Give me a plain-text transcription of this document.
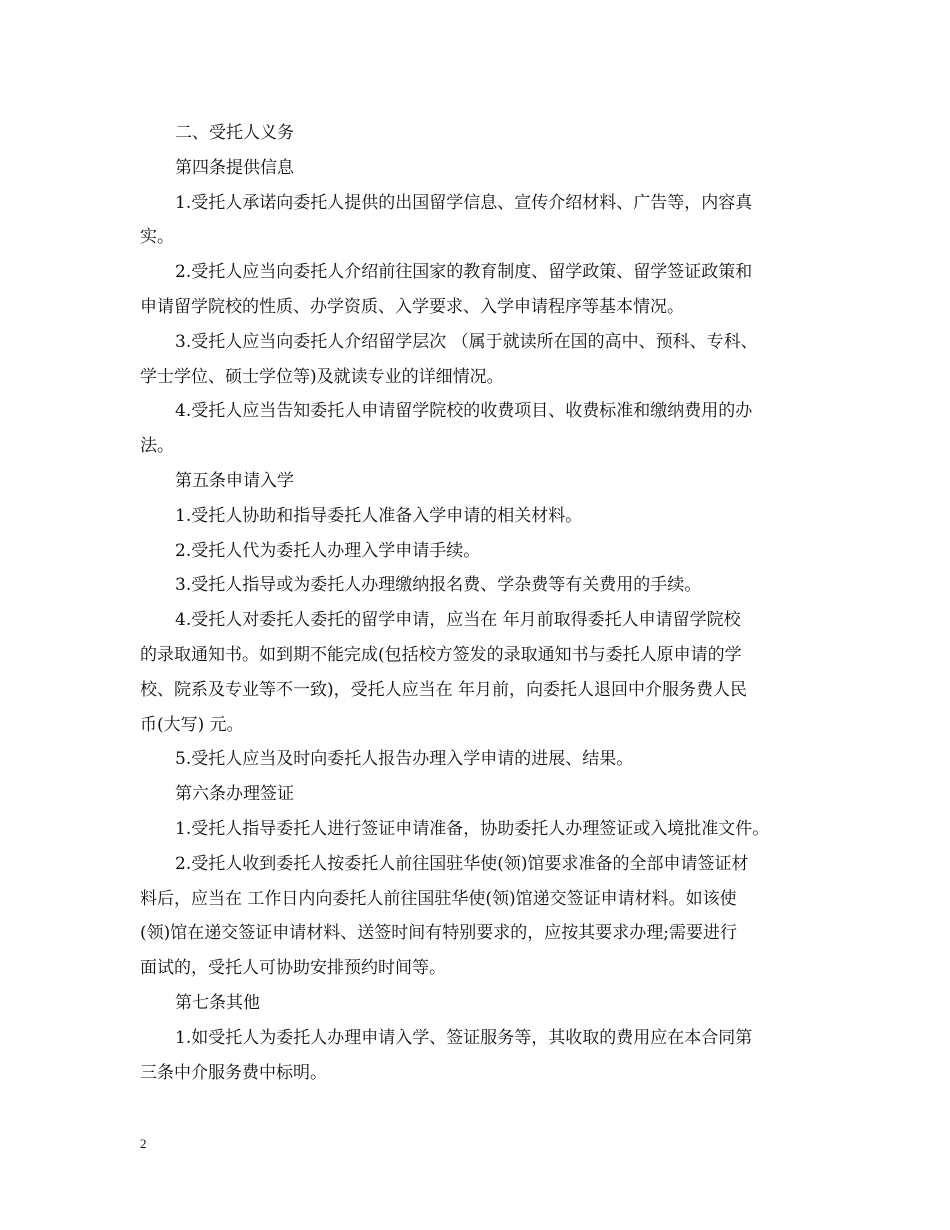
二、受托人义务
第四条提供信息
1.受托人承诺向委托人提供的出国留学信息、宣传介绍材料、广告等，内容真
实。
2.受托人应当向委托人介绍前往国家的教育制度、留学政策、留学签证政策和
申请留学院校的性质、办学资质、入学要求、入学申请程序等基本情况。
3.受托人应当向委托人介绍留学层次 （属于就读所在国的高中、预科、专科、
学士学位、硕士学位等)及就读专业的详细情况。
4.受托人应当告知委托人申请留学院校的收费项目、收费标准和缴纳费用的办
法。
第五条申请入学
1.受托人协助和指导委托人准备入学申请的相关材料。
2.受托人代为委托人办理入学申请手续。
3.受托人指导或为委托人办理缴纳报名费、学杂费等有关费用的手续。
4.受托人对委托人委托的留学申请，应当在 年月前取得委托人申请留学院校
的录取通知书。如到期不能完成(包括校方签发的录取通知书与委托人原申请的学
校、院系及专业等不一致)，受托人应当在 年月前，向委托人退回中介服务费人民
币(大写) 元。
5.受托人应当及时向委托人报告办理入学申请的进展、结果。
第六条办理签证
1.受托人指导委托人进行签证申请准备，协助委托人办理签证或入境批准文件。
2.受托人收到委托人按委托人前往国驻华使(领)馆要求准备的全部申请签证材
料后，应当在 工作日内向委托人前往国驻华使(领)馆递交签证申请材料。如该使
(领)馆在递交签证申请材料、送签时间有特别要求的，应按其要求办理;需要进行
面试的，受托人可协助安排预约时间等。
第七条其他
1.如受托人为委托人办理申请入学、签证服务等，其收取的费用应在本合同第
三条中介服务费中标明。
2
